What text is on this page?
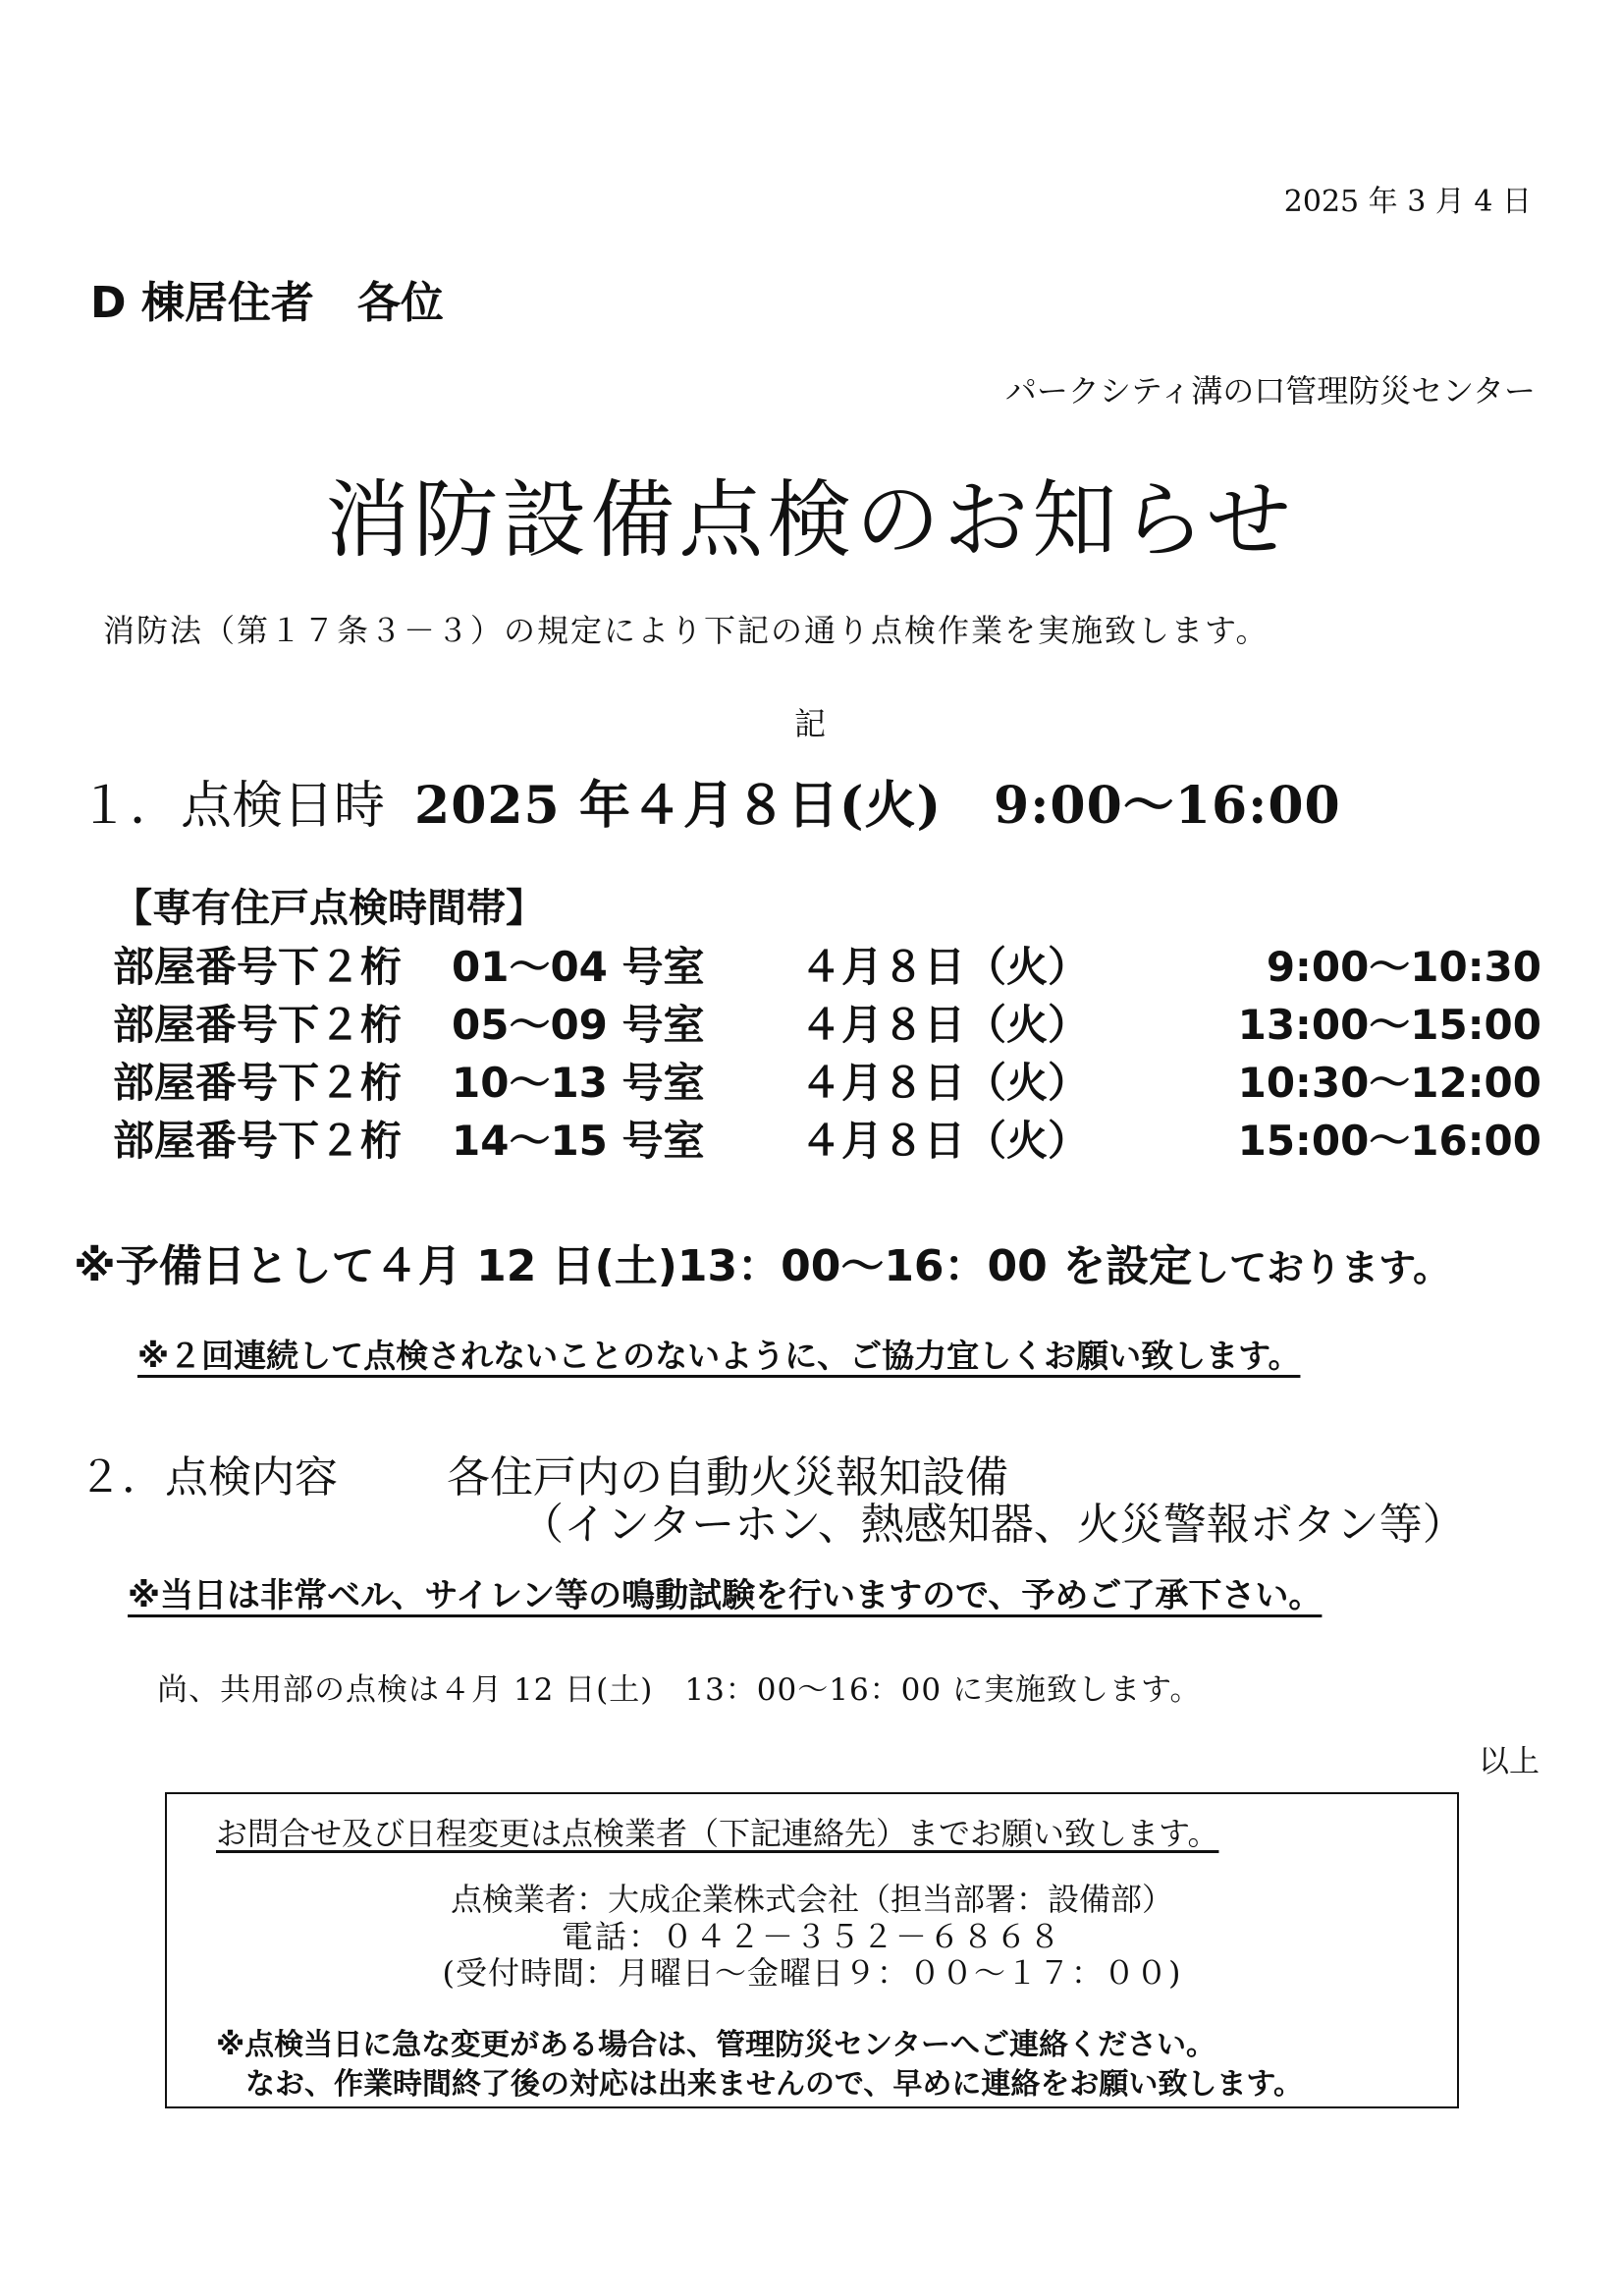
2025 年 3 月 4 日
D 棟居住者　各位
パークシティ溝の口管理防災センター
消防設備点検のお知らせ
消防法（第１７条３－３）の規定により下記の通り点検作業を実施致します。
記
１．点検日時 2025 年４月８日(火)　9:00～16:00
【専有住戸点検時間帯】
部屋番号下２桁 01～04 号室 ４月８日（火）	9:00～10:30
部屋番号下２桁 05～09 号室 ４月８日（火）	13:00～15:00
部屋番号下２桁 10～13 号室 ４月８日（火）	10:30～12:00
部屋番号下２桁 14～15 号室 ４月８日（火）	15:00～16:00
※予備日として４月 12 日(土)13：00～16：00 を設定しております。
※２回連続して点検されないことのないように、ご協力宜しくお願い致します。
２．点検内容	各住戸内の自動火災報知設備
（インターホン、熱感知器、火災警報ボタン等）
※当日は非常ベル、サイレン等の鳴動試験を行いますので、予めご了承下さい。
尚、共用部の点検は４月 12 日(土)　13：00～16：00 に実施致します。
以上
お問合せ及び日程変更は点検業者（下記連絡先）までお願い致します。
点検業者：大成企業株式会社（担当部署：設備部）
電話：０４２－３５２－６８６８
(受付時間：月曜日～金曜日９：００～１７：００)
※点検当日に急な変更がある場合は、管理防災センターへご連絡ください。
なお、作業時間終了後の対応は出来ませんので、早めに連絡をお願い致します。
